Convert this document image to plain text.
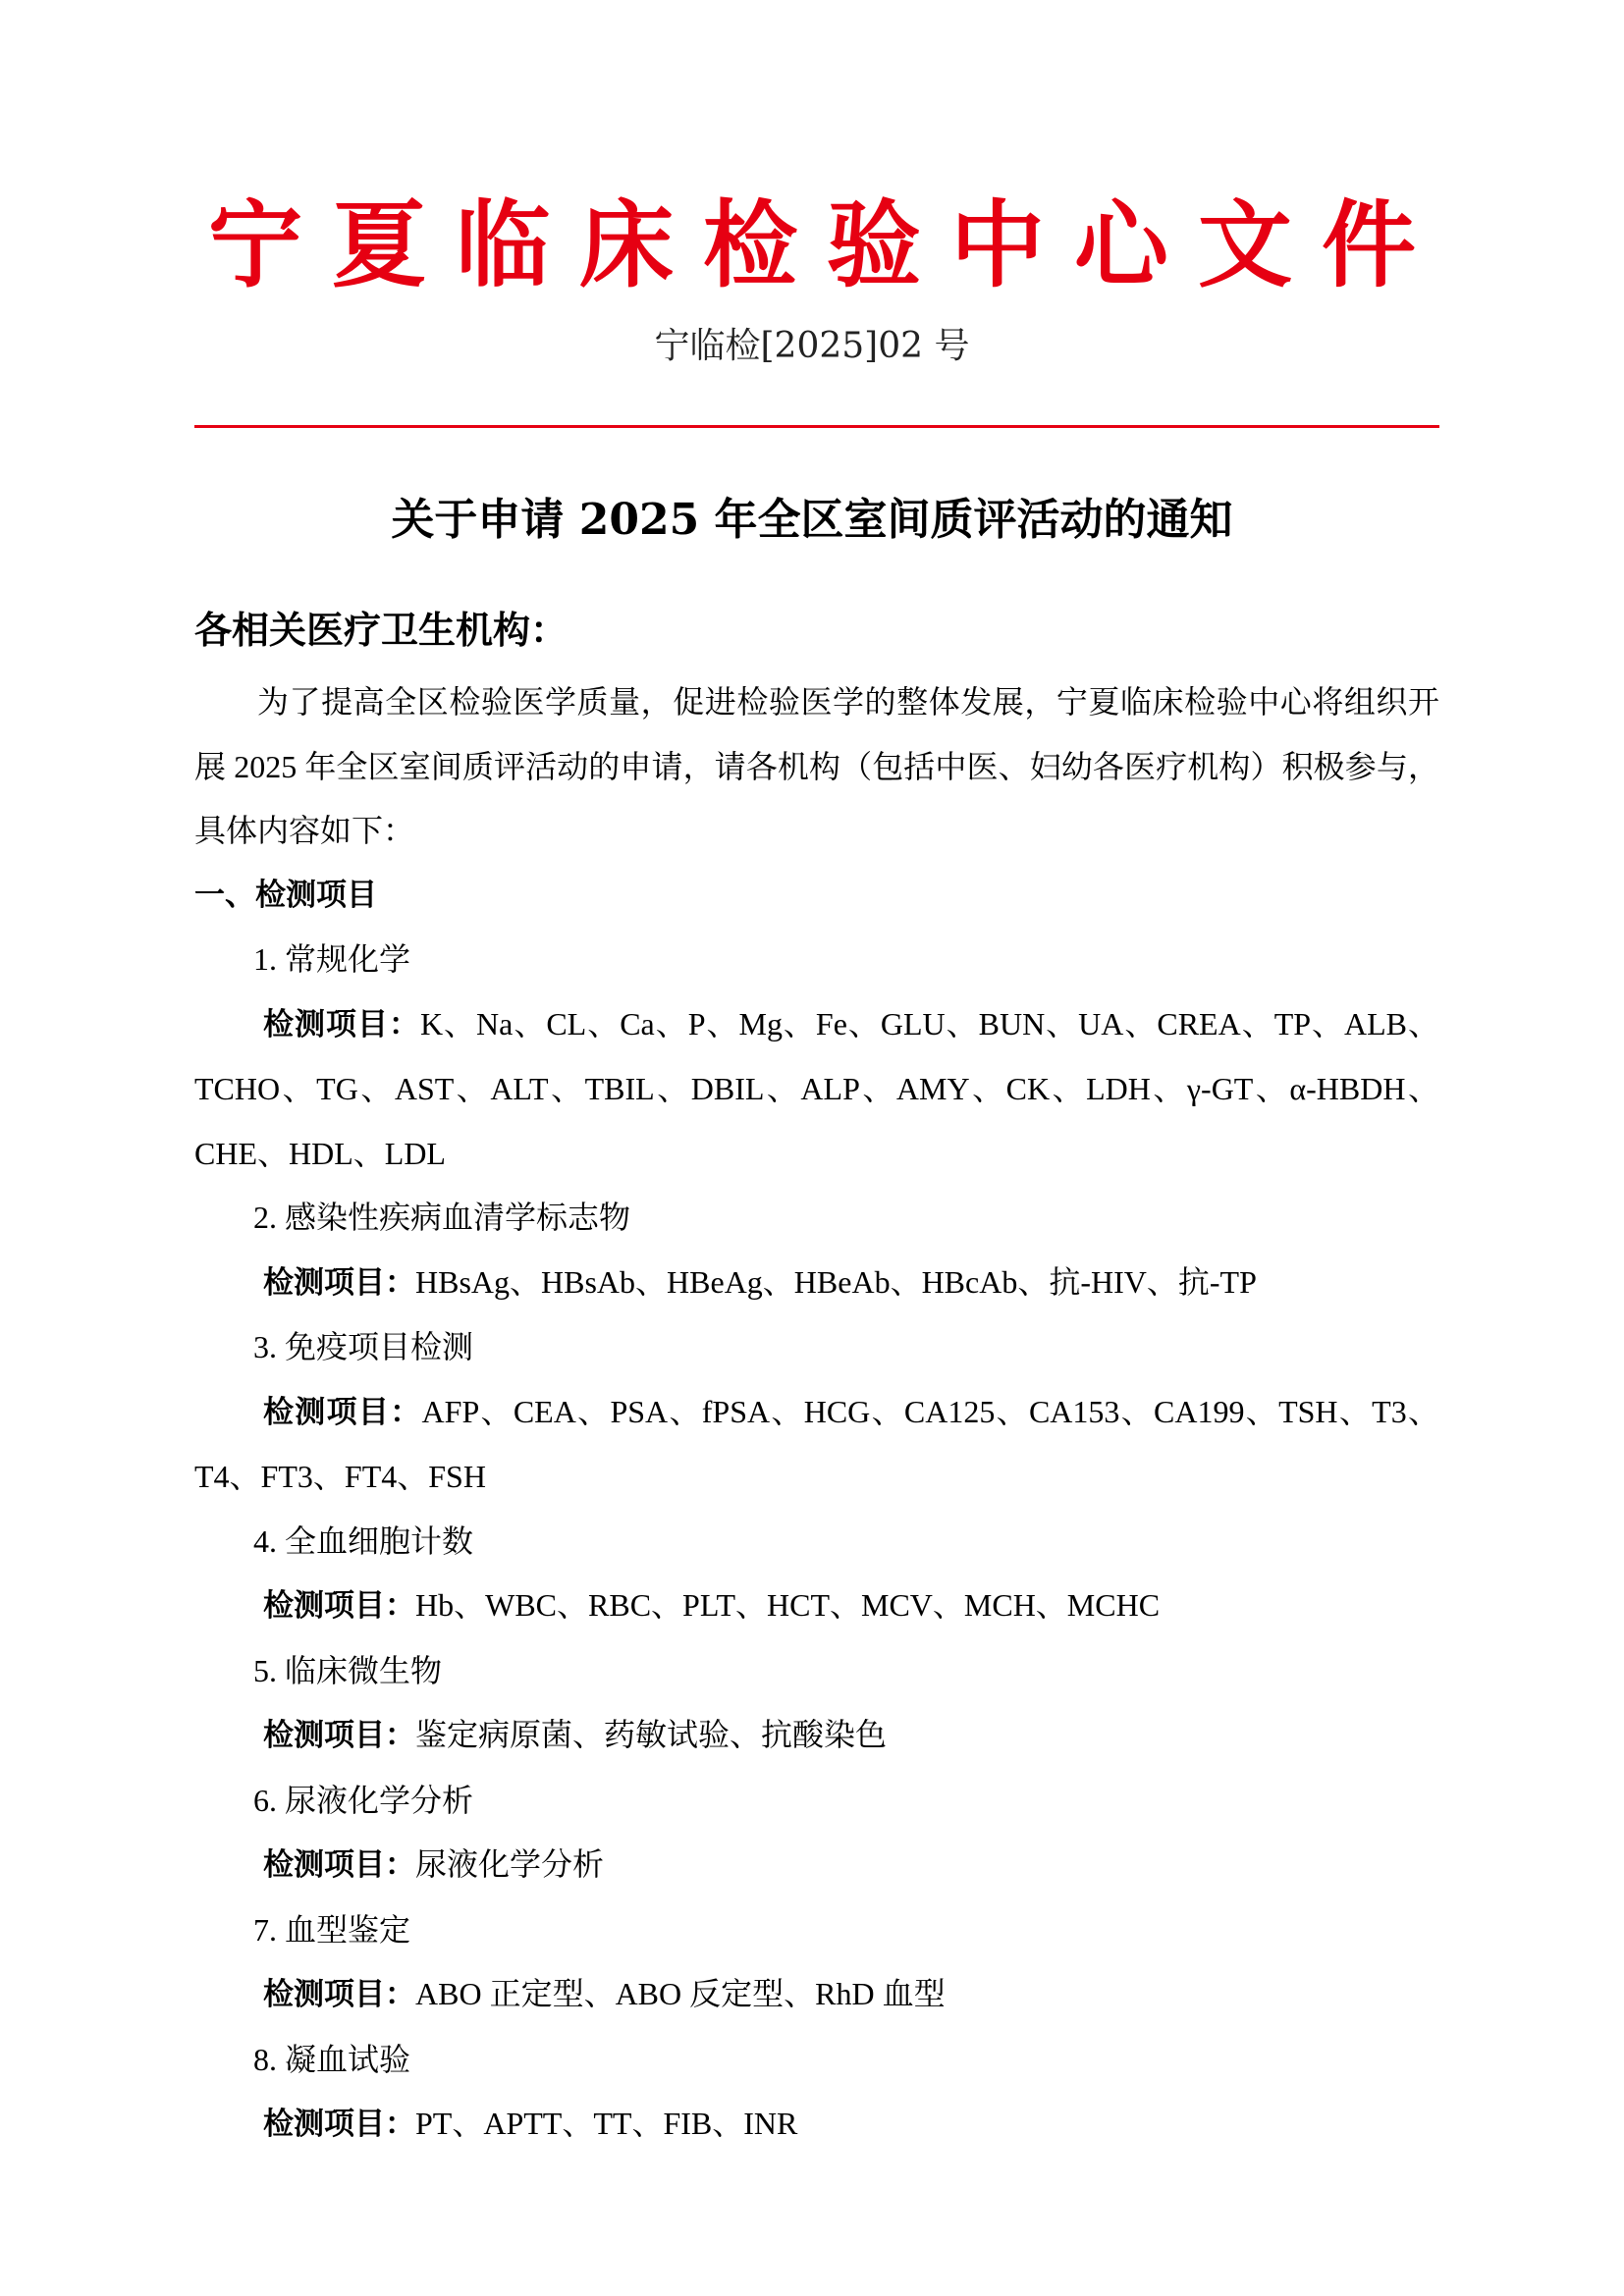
宁夏临床检验中心文件
宁临检[2025]02 号
关于申请 2025 年全区室间质评活动的通知
各相关医疗卫生机构：

为了提高全区检验医学质量，促进检验医学的整体发展，宁夏临床检验中心将组织开展 2025 年全区室间质评活动的申请，请各机构（包括中医、妇幼各医疗机构）积极参与，具体内容如下：

一、检测项目

1. 常规化学

检测项目：K、Na、CL、Ca、P、Mg、Fe、GLU、BUN、UA、CREA、TP、ALB、TCHO、TG、AST、ALT、TBIL、DBIL、ALP、AMY、CK、LDH、γ-GT、α-HBDH、CHE、HDL、LDL

2. 感染性疾病血清学标志物

检测项目：HBsAg、HBsAb、HBeAg、HBeAb、HBcAb、抗-HIV、抗-TP

3. 免疫项目检测

检测项目：AFP、CEA、PSA、fPSA、HCG、CA125、CA153、CA199、TSH、T3、T4、FT3、FT4、FSH

4. 全血细胞计数

检测项目：Hb、WBC、RBC、PLT、HCT、MCV、MCH、MCHC

5. 临床微生物

检测项目：鉴定病原菌、药敏试验、抗酸染色

6. 尿液化学分析

检测项目：尿液化学分析

7. 血型鉴定

检测项目：ABO 正定型、ABO 反定型、RhD 血型

8. 凝血试验

检测项目：PT、APTT、TT、FIB、INR
